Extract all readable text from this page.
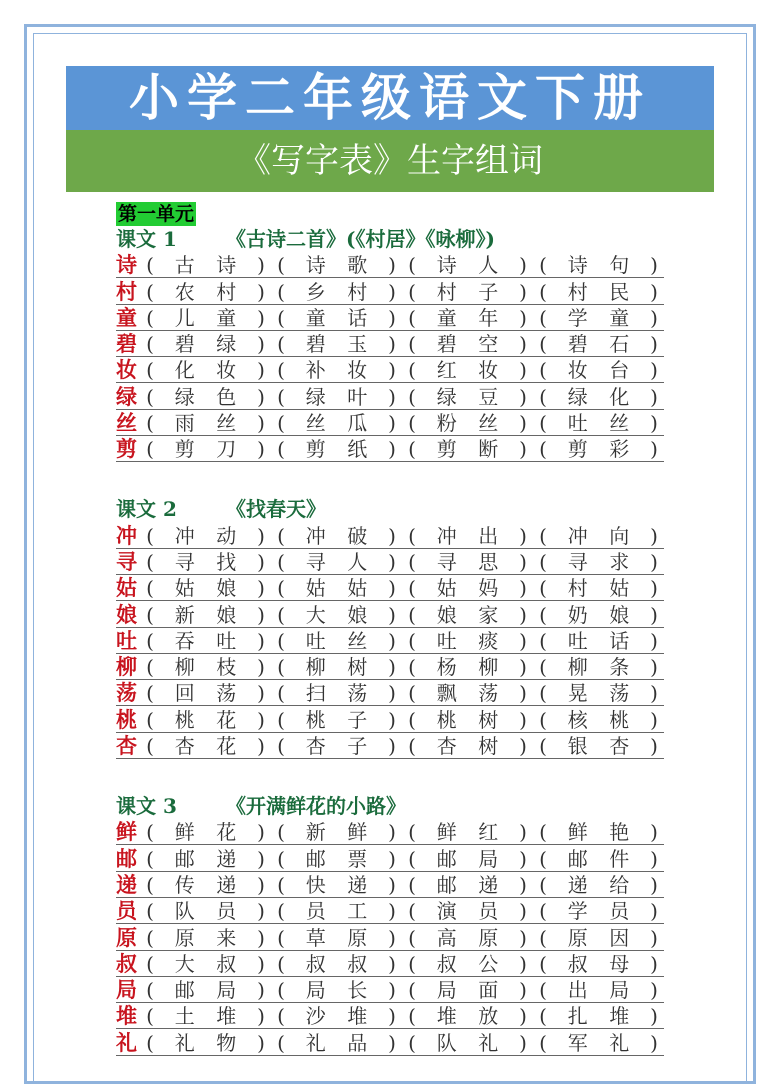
小学二年级语文下册
《写字表》生字组词
第一单元
课文 1 《古诗二首》(《村居》《咏柳》)
诗 (	古 诗	) (	诗 歌	) (	诗 人	) (	诗 句	)
村 (	农 村	) (	乡 村	) (	村 子	) (	村 民	)
童 (	儿 童	) (	童 话	) (	童 年	) (	学 童	)
碧 (	碧 绿	) (	碧 玉	) (	碧 空	) (	碧 石	)
妆 (	化 妆	) (	补 妆	) (	红 妆	) (	妆 台	)
绿 (	绿 色	) (	绿 叶	) (	绿 豆	) (	绿 化	)
丝 (	雨 丝	) (	丝 瓜	) (	粉 丝	) (	吐 丝	)
剪 (	剪 刀	) (	剪 纸	) (	剪 断	) (	剪 彩	)
课文 2 《找春天》
冲 (	冲 动	) (	冲 破	) (	冲 出	) (	冲 向	)
寻 (	寻 找	) (	寻 人	) (	寻 思	) (	寻 求	)
姑 (	姑 娘	) (	姑 姑	) (	姑 妈	) (	村 姑	)
娘 (	新 娘	) (	大 娘	) (	娘 家	) (	奶 娘	)
吐 (	吞 吐	) (	吐 丝	) (	吐 痰	) (	吐 话	)
柳 (	柳 枝	) (	柳 树	) (	杨 柳	) (	柳 条	)
荡 (	回 荡	) (	扫 荡	) (	飘 荡	) (	晃 荡	)
桃 (	桃 花	) (	桃 子	) (	桃 树	) (	核 桃	)
杏 (	杏 花	) (	杏 子	) (	杏 树	) (	银 杏	)
课文 3 《开满鲜花的小路》
鲜 (	鲜 花	) (	新 鲜	) (	鲜 红	) (	鲜 艳	)
邮 (	邮 递	) (	邮 票	) (	邮 局	) (	邮 件	)
递 (	传 递	) (	快 递	) (	邮 递	) (	递 给	)
员 (	队 员	) (	员 工	) (	演 员	) (	学 员	)
原 (	原 来	) (	草 原	) (	高 原	) (	原 因	)
叔 (	大 叔	) (	叔 叔	) (	叔 公	) (	叔 母	)
局 (	邮 局	) (	局 长	) (	局 面	) (	出 局	)
堆 (	土 堆	) (	沙 堆	) (	堆 放	) (	扎 堆	)
礼 (	礼 物	) (	礼 品	) (	队 礼	) (	军 礼	)
